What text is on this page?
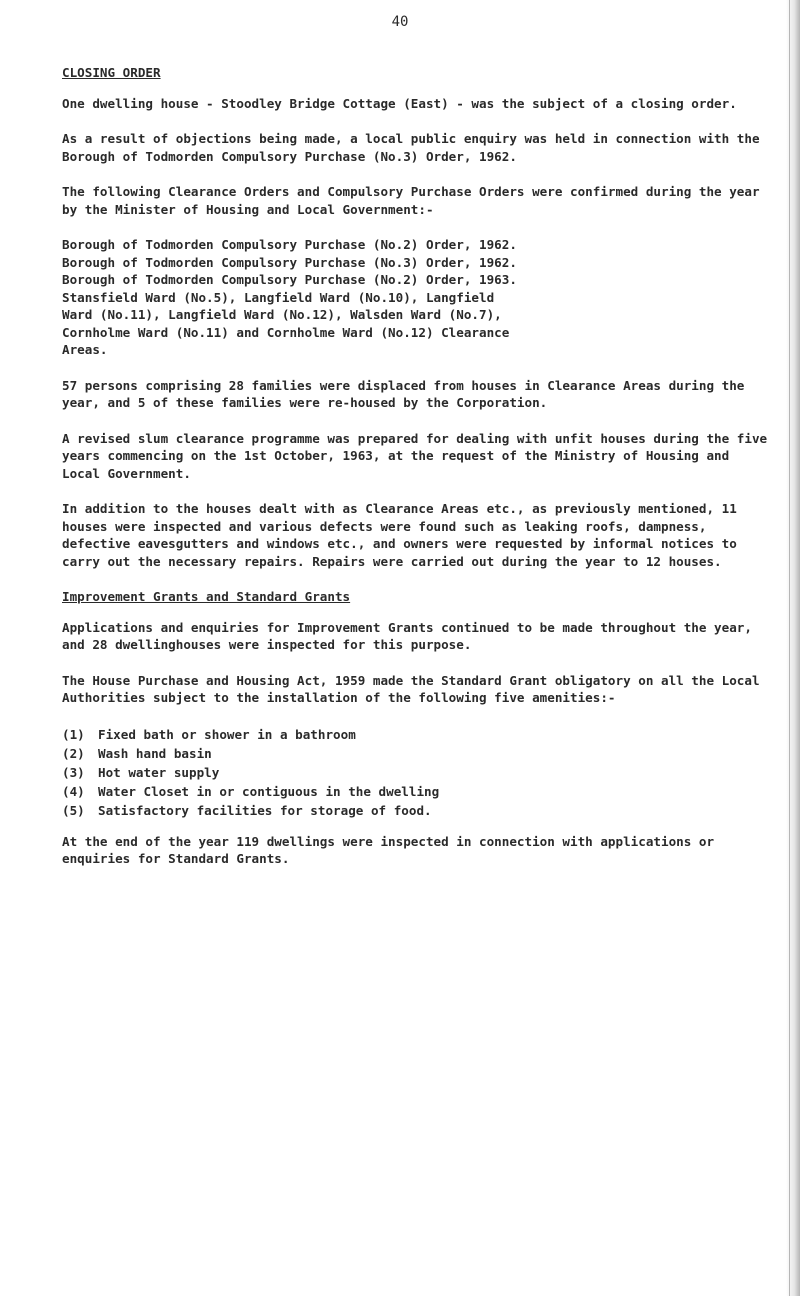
40
CLOSING ORDER

One dwelling house - Stoodley Bridge Cottage (East) - was the subject of a closing order.

As a result of objections being made, a local public enquiry was held in connection with the Borough of Todmorden Compulsory Purchase (No.3) Order, 1962.

The following Clearance Orders and Compulsory Purchase Orders were confirmed during the year by the Minister of Housing and Local Government:-

Borough of Todmorden Compulsory Purchase (No.2) Order, 1962.
Borough of Todmorden Compulsory Purchase (No.3) Order, 1962.
Borough of Todmorden Compulsory Purchase (No.2) Order, 1963.
Stansfield Ward (No.5), Langfield Ward (No.10), Langfield
Ward (No.11), Langfield Ward (No.12), Walsden Ward (No.7),
Cornholme Ward (No.11) and Cornholme Ward (No.12) Clearance
Areas.

57 persons comprising 28 families were displaced from houses in Clearance Areas during the year, and 5 of these families were re-housed by the Corporation.

A revised slum clearance programme was prepared for dealing with unfit houses during the five years commencing on the 1st October, 1963, at the request of the Ministry of Housing and Local Government.

In addition to the houses dealt with as Clearance Areas etc., as previously mentioned, 11 houses were inspected and various defects were found such as leaking roofs, dampness, defective eavesgutters and windows etc., and owners were requested by informal notices to carry out the necessary repairs. Repairs were carried out during the year to 12 houses.

Improvement Grants and Standard Grants

Applications and enquiries for Improvement Grants continued to be made throughout the year, and 28 dwellinghouses were inspected for this purpose.

The House Purchase and Housing Act, 1959 made the Standard Grant obligatory on all the Local Authorities subject to the installation of the following five amenities:-

(1)	Fixed bath or shower in a bathroom
(2)	Wash hand basin
(3)	Hot water supply
(4)	Water Closet in or contiguous in the dwelling
(5)	Satisfactory facilities for storage of food.

At the end of the year 119 dwellings were inspected in connection with applications or enquiries for Standard Grants.
